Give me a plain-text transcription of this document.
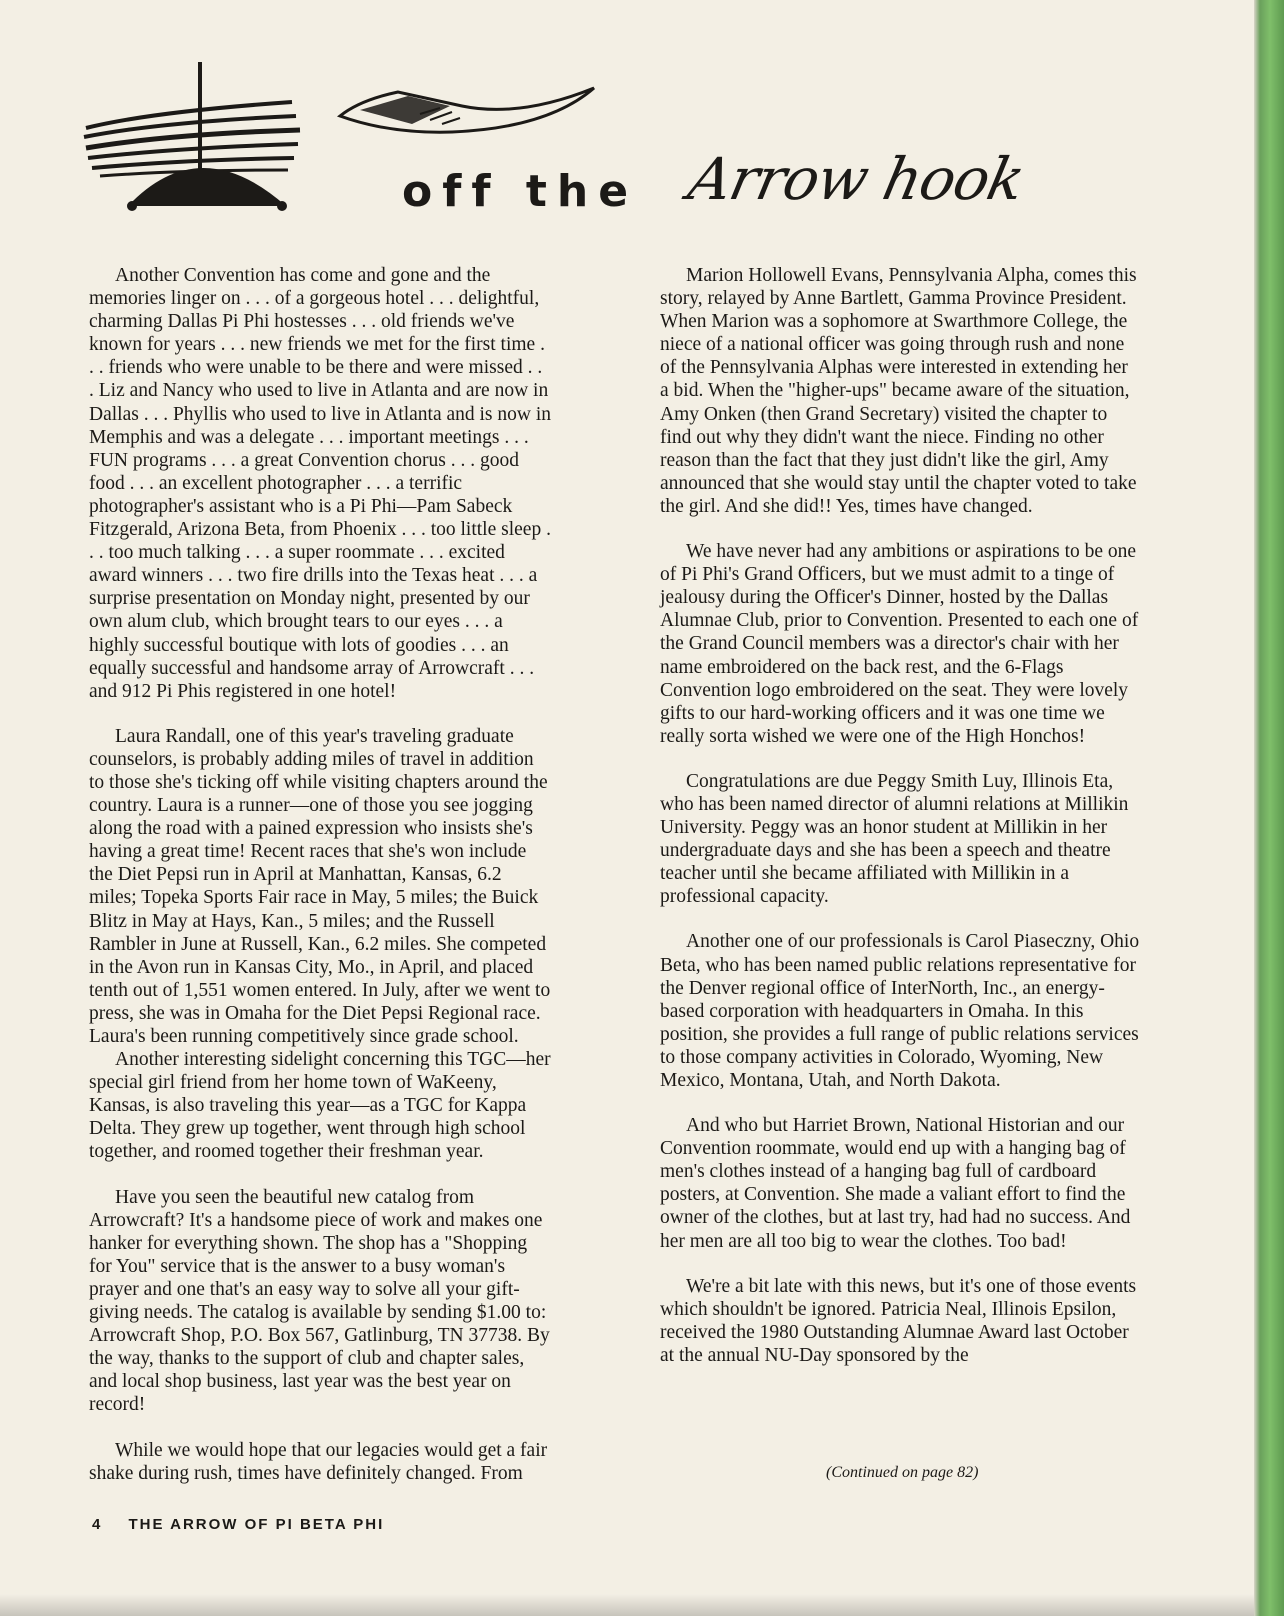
off the Arrow hook

Another Convention has come and gone and the memories linger on . . . of a gorgeous hotel . . . delightful, charming Dallas Pi Phi hostesses . . . old friends we've known for years . . . new friends we met for the first time . . . friends who were unable to be there and were missed . . . Liz and Nancy who used to live in Atlanta and are now in Dallas . . . Phyllis who used to live in Atlanta and is now in Memphis and was a delegate . . . important meetings . . . FUN programs . . . a great Convention chorus . . . good food . . . an excellent photographer . . . a terrific photographer's assistant who is a Pi Phi—Pam Sabeck Fitzgerald, Arizona Beta, from Phoenix . . . too little sleep . . . too much talking . . . a super roommate . . . excited award winners . . . two fire drills into the Texas heat . . . a surprise presentation on Monday night, presented by our own alum club, which brought tears to our eyes . . . a highly successful boutique with lots of goodies . . . an equally successful and handsome array of Arrowcraft . . . and 912 Pi Phis registered in one hotel!

Laura Randall, one of this year's traveling graduate counselors, is probably adding miles of travel in addition to those she's ticking off while visiting chapters around the country. Laura is a runner—one of those you see jogging along the road with a pained expression who insists she's having a great time! Recent races that she's won include the Diet Pepsi run in April at Manhattan, Kansas, 6.2 miles; Topeka Sports Fair race in May, 5 miles; the Buick Blitz in May at Hays, Kan., 5 miles; and the Russell Rambler in June at Russell, Kan., 6.2 miles. She competed in the Avon run in Kansas City, Mo., in April, and placed tenth out of 1,551 women entered. In July, after we went to press, she was in Omaha for the Diet Pepsi Regional race. Laura's been running competitively since grade school.

Another interesting sidelight concerning this TGC—her special girl friend from her home town of WaKeeny, Kansas, is also traveling this year—as a TGC for Kappa Delta. They grew up together, went through high school together, and roomed together their freshman year.

Have you seen the beautiful new catalog from Arrowcraft? It's a handsome piece of work and makes one hanker for everything shown. The shop has a "Shopping for You" service that is the answer to a busy woman's prayer and one that's an easy way to solve all your gift-giving needs. The catalog is available by sending $1.00 to: Arrowcraft Shop, P.O. Box 567, Gatlinburg, TN 37738. By the way, thanks to the support of club and chapter sales, and local shop business, last year was the best year on record!

While we would hope that our legacies would get a fair shake during rush, times have definitely changed. From

Marion Hollowell Evans, Pennsylvania Alpha, comes this story, relayed by Anne Bartlett, Gamma Province President. When Marion was a sophomore at Swarthmore College, the niece of a national officer was going through rush and none of the Pennsylvania Alphas were interested in extending her a bid. When the "higher-ups" became aware of the situation, Amy Onken (then Grand Secretary) visited the chapter to find out why they didn't want the niece. Finding no other reason than the fact that they just didn't like the girl, Amy announced that she would stay until the chapter voted to take the girl. And she did!! Yes, times have changed.

We have never had any ambitions or aspirations to be one of Pi Phi's Grand Officers, but we must admit to a tinge of jealousy during the Officer's Dinner, hosted by the Dallas Alumnae Club, prior to Convention. Presented to each one of the Grand Council members was a director's chair with her name embroidered on the back rest, and the 6-Flags Convention logo embroidered on the seat. They were lovely gifts to our hard-working officers and it was one time we really sorta wished we were one of the High Honchos!

Congratulations are due Peggy Smith Luy, Illinois Eta, who has been named director of alumni relations at Millikin University. Peggy was an honor student at Millikin in her undergraduate days and she has been a speech and theatre teacher until she became affiliated with Millikin in a professional capacity.

Another one of our professionals is Carol Piaseczny, Ohio Beta, who has been named public relations representative for the Denver regional office of InterNorth, Inc., an energy-based corporation with headquarters in Omaha. In this position, she provides a full range of public relations services to those company activities in Colorado, Wyoming, New Mexico, Montana, Utah, and North Dakota.

And who but Harriet Brown, National Historian and our Convention roommate, would end up with a hanging bag of men's clothes instead of a hanging bag full of cardboard posters, at Convention. She made a valiant effort to find the owner of the clothes, but at last try, had had no success. And her men are all too big to wear the clothes. Too bad!

We're a bit late with this news, but it's one of those events which shouldn't be ignored. Patricia Neal, Illinois Epsilon, received the 1980 Outstanding Alumnae Award last October at the annual NU-Day sponsored by the

(Continued on page 82)
4 THE ARROW OF PI BETA PHI
